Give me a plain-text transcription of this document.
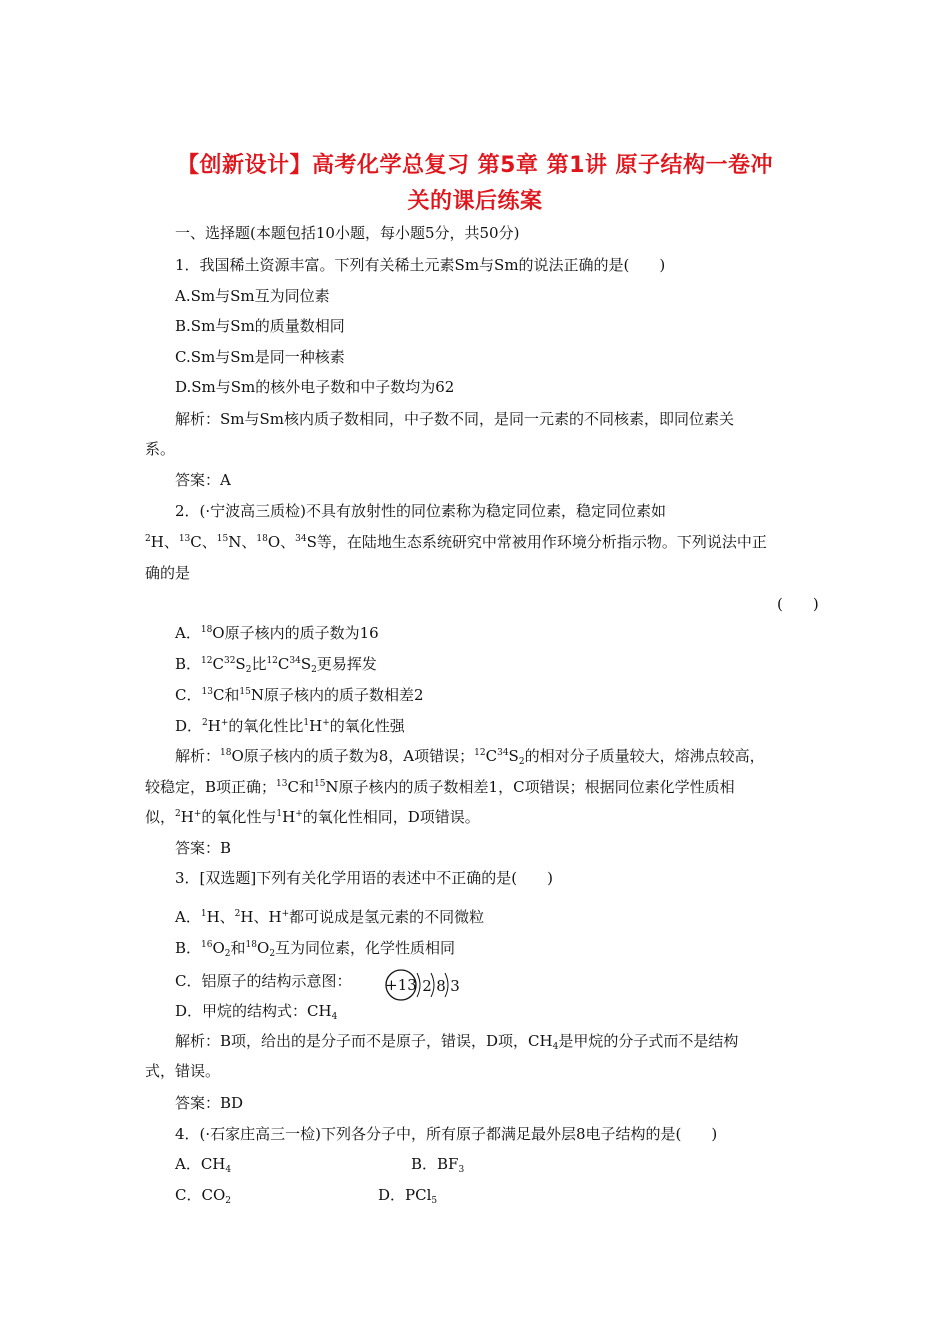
【创新设计】高考化学总复习 第5章 第1讲 原子结构一卷冲
关的课后练案
一、选择题(本题包括10小题，每小题5分，共50分)
1．我国稀土资源丰富。下列有关稀土元素Sm与Sm的说法正确的是(　　)
A.Sm与Sm互为同位素
B.Sm与Sm的质量数相同
C.Sm与Sm是同一种核素
D.Sm与Sm的核外电子数和中子数均为62
解析：Sm与Sm核内质子数相同，中子数不同，是同一元素的不同核素，即同位素关
系。
答案：A
2．(·宁波高三质检)不具有放射性的同位素称为稳定同位素，稳定同位素如
$^2$H、$^{13}$C、$^{15}$N、$^{18}$O、$^{34}$S等，在陆地生态系统研究中常被用作环境分析指示物。下列说法中正
确的是
(　　)
A．$^{18}$O原子核内的质子数为16
B．$^{12}C^{32}S_2$比$^{12}C^{34}S_2$更易挥发
C．$^{13}$C和$^{15}$N原子核内的质子数相差2
D．$^2$H+的氧化性比$^1$H+的氧化性强
解析：$^{18}$O原子核内的质子数为8，A项错误；$^{12}C^{34}S_2$的相对分子质量较大，熔沸点较高，
较稳定，B项正确；$^{13}$C和$^{15}$N原子核内的质子数相差1，C项错误；根据同位素化学性质相
似，$^2$H+的氧化性与$^1$H+的氧化性相同，D项错误。
答案：B
3．[双选题]下列有关化学用语的表述中不正确的是(　　)
A．$^1$H、$^2$H、H+都可说成是氢元素的不同微粒
B．$^{16}O_2$和$^{18}O_2$互为同位素，化学性质相同
C．铝原子的结构示意图： +13 2 8 3
D．甲烷的结构式：$CH_4$
解析：B项，给出的是分子而不是原子，错误，D项，$CH_4$是甲烷的分子式而不是结构
式，错误。
答案：BD
4．(·石家庄高三一检)下列各分子中，所有原子都满足最外层8电子结构的是(　　)
A．$CH_4$	B．$BF_3$
C．$CO_2$	D．PCl$_5$
